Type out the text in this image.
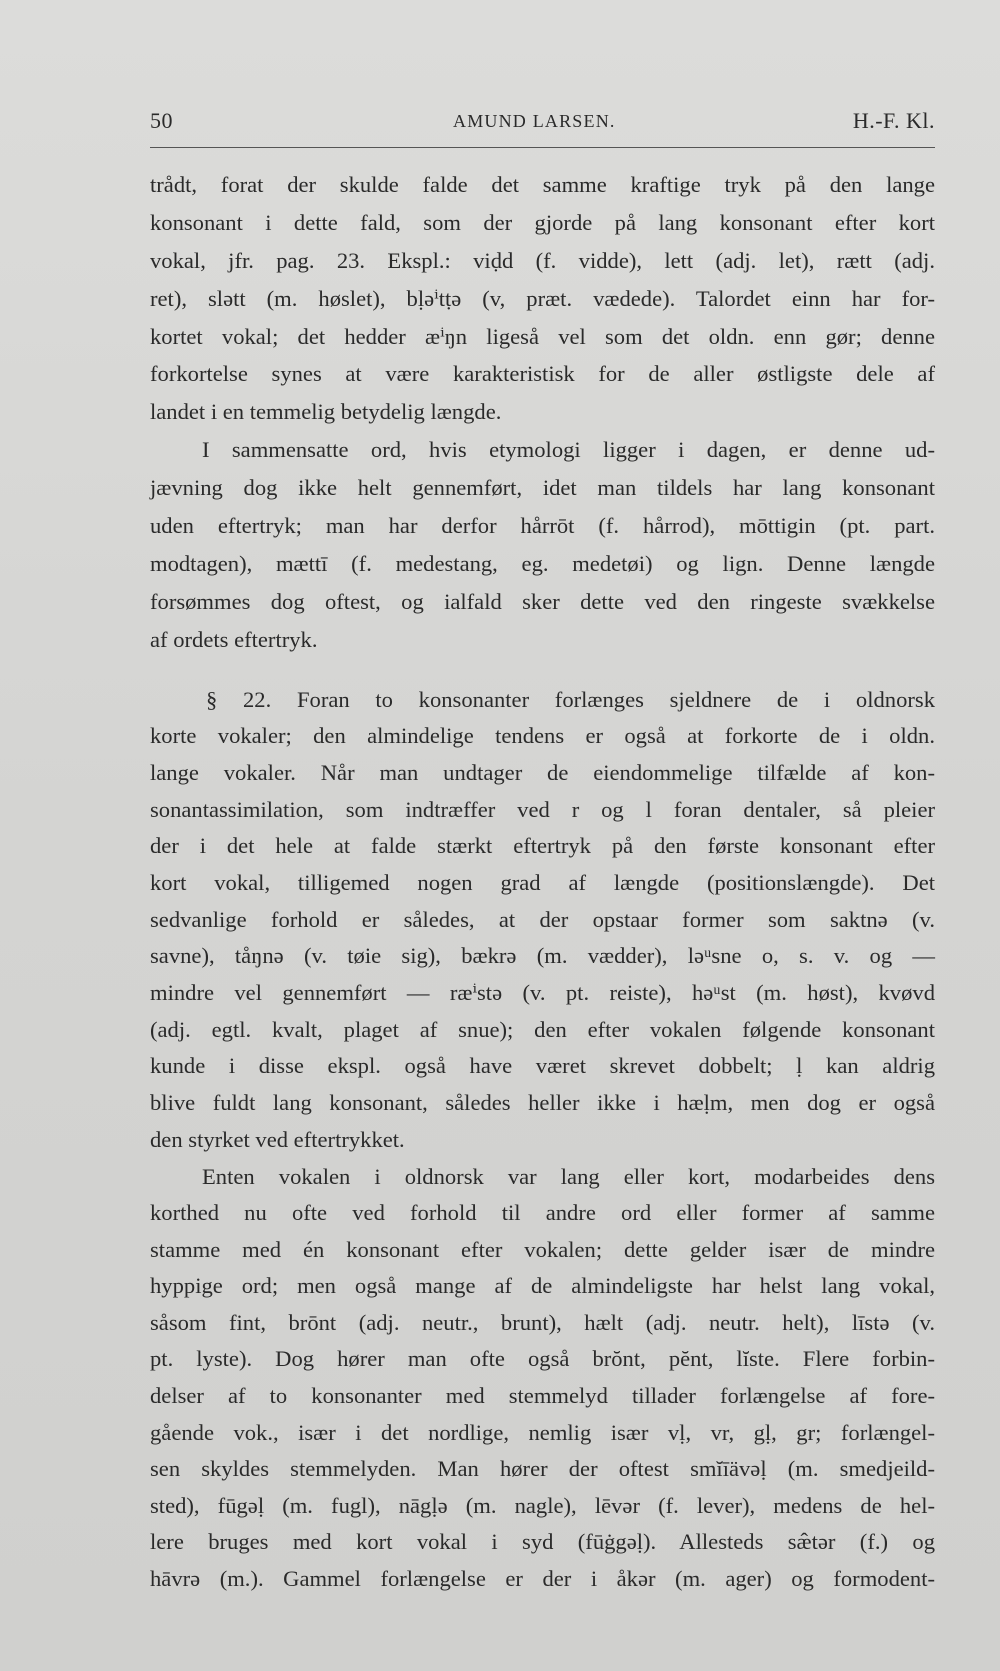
50	AMUND LARSEN.	H.-F. Kl.
trådt, forat der skulde falde det samme kraftige tryk på den lange
konsonant i dette fald, som der gjorde på lang konsonant efter kort
vokal, jfr. pag. 23. Ekspl.: viḍd (f. vidde), lett (adj. let), rætt (adj.
ret), slətt (m. høslet), bḷəⁱtṭə (v, præt. vædede). Talordet einn har for-
kortet vokal; det hedder æⁱŋn ligeså vel som det oldn. enn gør; denne
forkortelse synes at være karakteristisk for de aller østligste dele af
landet i en temmelig betydelig længde.
I sammensatte ord, hvis etymologi ligger i dagen, er denne ud-
jævning dog ikke helt gennemført, idet man tildels har lang konsonant
uden eftertryk; man har derfor hårrōt (f. hårrod), mōttigin (pt. part.
modtagen), mættī (f. medestang, eg. medetøi) og lign. Denne længde
forsømmes dog oftest, og ialfald sker dette ved den ringeste svækkelse
af ordets eftertryk.
§ 22. Foran to konsonanter forlænges sjeldnere de i oldnorsk
korte vokaler; den almindelige tendens er også at forkorte de i oldn.
lange vokaler. Når man undtager de eiendommelige tilfælde af kon-
sonantassimilation, som indtræffer ved r og l foran dentaler, så pleier
der i det hele at falde stærkt eftertryk på den første konsonant efter
kort vokal, tilligemed nogen grad af længde (positionslængde). Det
sedvanlige forhold er således, at der opstaar former som saktnə (v.
savne), tåŋnə (v. tøie sig), bækrə (m. vædder), ləᵘsne o, s. v. og —
mindre vel gennemført — ræⁱstə (v. pt. reiste), həᵘst (m. høst), kvøvd
(adj. egtl. kvalt, plaget af snue); den efter vokalen følgende konsonant
kunde i disse ekspl. også have været skrevet dobbelt; ḷ kan aldrig
blive fuldt lang konsonant, således heller ikke i hæḷm, men dog er også
den styrket ved eftertrykket.
Enten vokalen i oldnorsk var lang eller kort, modarbeides dens
korthed nu ofte ved forhold til andre ord eller former af samme
stamme med én konsonant efter vokalen; dette gelder især de mindre
hyppige ord; men også mange af de almindeligste har helst lang vokal,
såsom fint, brōnt (adj. neutr., brunt), hælt (adj. neutr. helt), līstə (v.
pt. lyste). Dog hører man ofte også brŏnt, pĕnt, lĭste. Flere forbin-
delser af to konsonanter med stemmelyd tillader forlængelse af fore-
gående vok., især i det nordlige, nemlig især vḷ, vr, gḷ, gr; forlængel-
sen skyldes stemmelyden. Man hører der oftest smĭīävəḷ (m. smedjeild-
sted), fūgəḷ (m. fugl), nāgḷə (m. nagle), lēvər (f. lever), medens de hel-
lere bruges med kort vokal i syd (fūġgəḷ). Allesteds sæ̂tər (f.) og
hāvrə (m.). Gammel forlængelse er der i åkər (m. ager) og formodent-
